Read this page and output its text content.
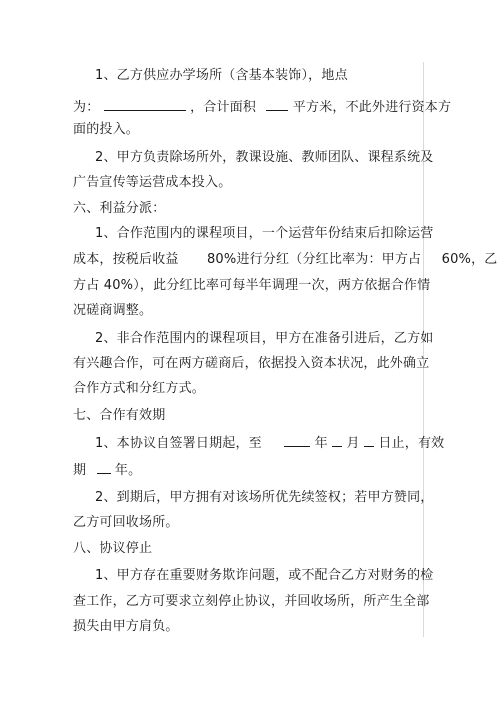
1、乙方供应办学场所（含基本装饰），地点
为：	，合计面积	平方米，不此外进行资本方
面的投入。
2、甲方负责除场所外，教课设施、教师团队、课程系统及
广告宣传等运营成本投入。
六、利益分派：
1、合作范围内的课程项目，一个运营年份结束后扣除运营
成本，按税后收益 80%进行分红（分红比率为：甲方占 60%，乙
方占 40%），此分红比率可每半年调理一次，两方依据合作情
况磋商调整。
2、非合作范围内的课程项目，甲方在准备引进后，乙方如
有兴趣合作，可在两方磋商后，依据投入资本状况，此外确立
合作方式和分红方式。
七、合作有效期
1、本协议自签署日期起，至	年 月 日止，有效
期 年。
2、到期后，甲方拥有对该场所优先续签权；若甲方赞同，
乙方可回收场所。
八、协议停止
1、甲方存在重要财务欺诈问题，或不配合乙方对财务的检
查工作，乙方可要求立刻停止协议，并回收场所，所产生全部
损失由甲方肩负。
